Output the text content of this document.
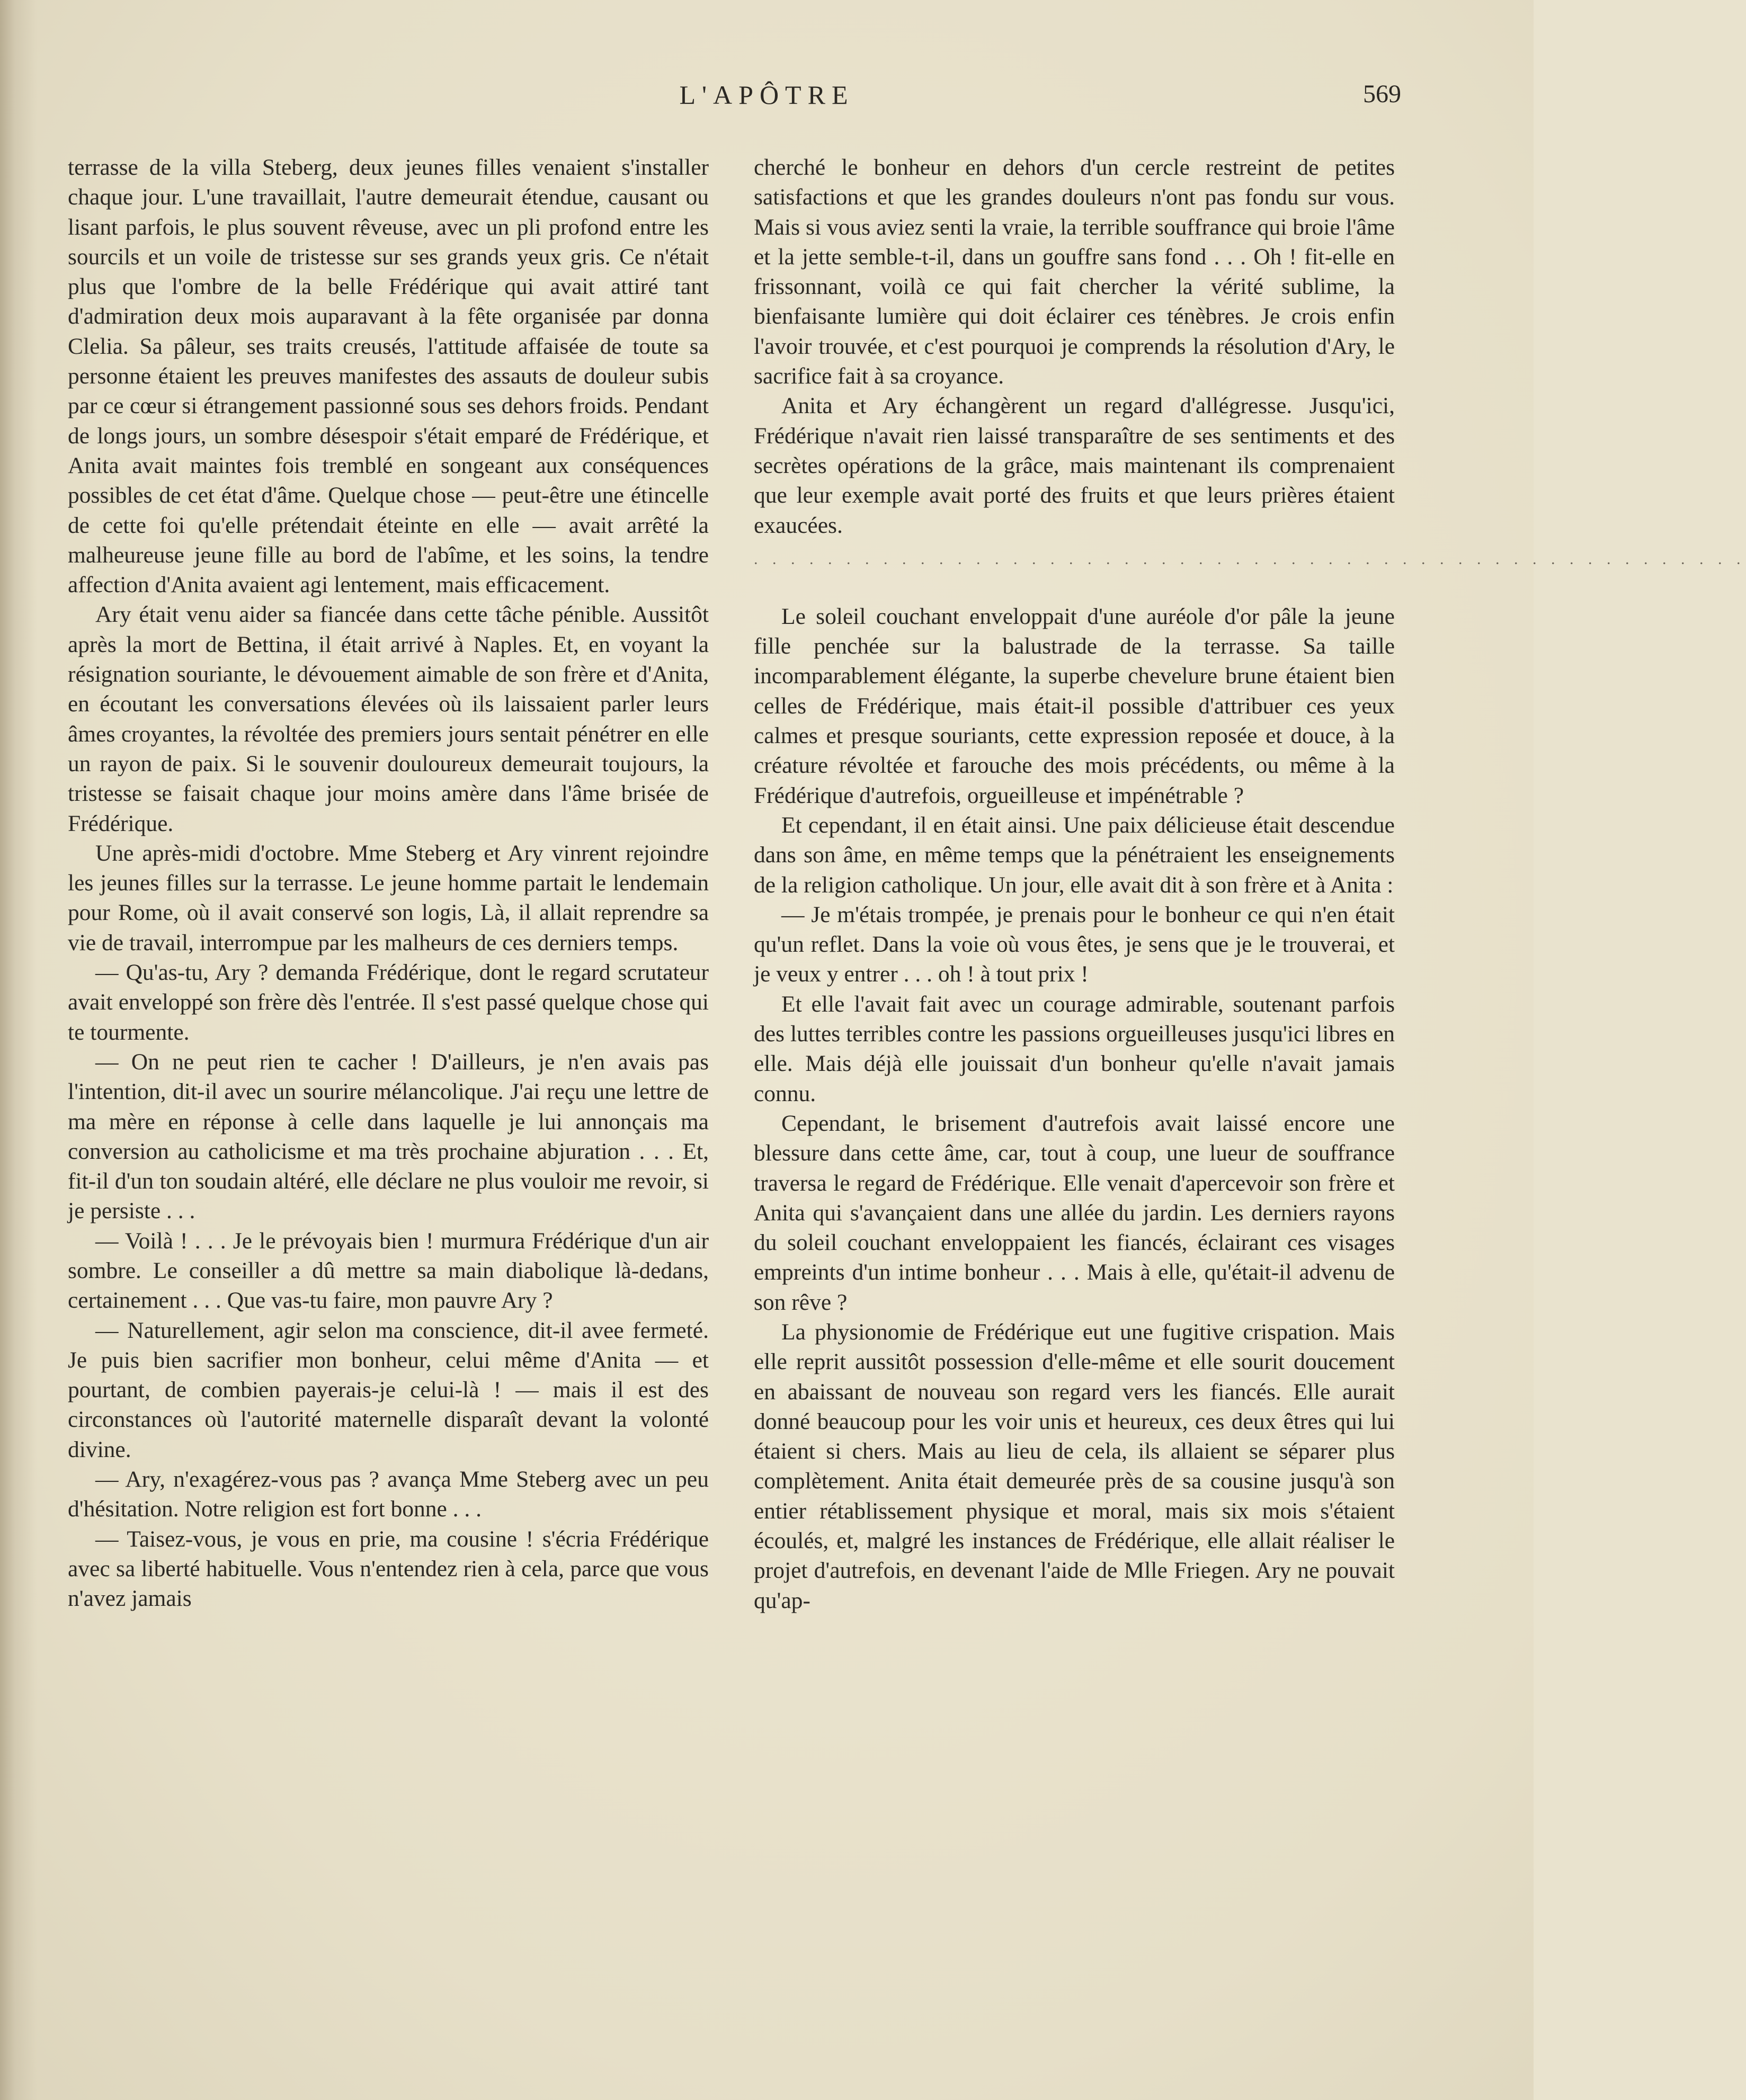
L'APÔTRE	569

terrasse de la villa Steberg, deux jeunes filles venaient s'installer chaque jour. L'une travaillait, l'autre demeurait étendue, causant ou lisant parfois, le plus souvent rêveuse, avec un pli profond entre les sourcils et un voile de tristesse sur ses grands yeux gris. Ce n'était plus que l'ombre de la belle Frédérique qui avait attiré tant d'admiration deux mois auparavant à la fête organisée par donna Clelia. Sa pâleur, ses traits creusés, l'attitude affaisée de toute sa personne étaient les preuves manifestes des assauts de douleur subis par ce cœur si étrangement passionné sous ses dehors froids. Pendant de longs jours, un sombre désespoir s'était emparé de Frédérique, et Anita avait maintes fois tremblé en songeant aux conséquences possibles de cet état d'âme. Quelque chose — peut-être une étincelle de cette foi qu'elle prétendait éteinte en elle — avait arrêté la malheureuse jeune fille au bord de l'abîme, et les soins, la tendre affection d'Anita avaient agi lentement, mais efficacement.

Ary était venu aider sa fiancée dans cette tâche pénible. Aussitôt après la mort de Bettina, il était arrivé à Naples. Et, en voyant la résignation souriante, le dévouement aimable de son frère et d'Anita, en écoutant les conversations élevées où ils laissaient parler leurs âmes croyantes, la révoltée des premiers jours sentait pénétrer en elle un rayon de paix. Si le souvenir douloureux demeurait toujours, la tristesse se faisait chaque jour moins amère dans l'âme brisée de Frédérique.

Une après-midi d'octobre. Mme Steberg et Ary vinrent rejoindre les jeunes filles sur la terrasse. Le jeune homme partait le lendemain pour Rome, où il avait conservé son logis, Là, il allait reprendre sa vie de travail, interrompue par les malheurs de ces derniers temps.

— Qu'as-tu, Ary ? demanda Frédérique, dont le regard scrutateur avait enveloppé son frère dès l'entrée. Il s'est passé quelque chose qui te tourmente.

— On ne peut rien te cacher ! D'ailleurs, je n'en avais pas l'intention, dit-il avec un sourire mélancolique. J'ai reçu une lettre de ma mère en réponse à celle dans laquelle je lui annonçais ma conversion au catholicisme et ma très prochaine abjuration . . . Et, fit-il d'un ton soudain altéré, elle déclare ne plus vouloir me revoir, si je persiste . . .

— Voilà ! . . . Je le prévoyais bien ! murmura Frédérique d'un air sombre. Le conseiller a dû mettre sa main diabolique là-dedans, certainement . . . Que vas-tu faire, mon pauvre Ary ?

— Naturellement, agir selon ma conscience, dit-il avee fermeté. Je puis bien sacrifier mon bonheur, celui même d'Anita — et pourtant, de combien payerais-je celui-là ! — mais il est des circonstances où l'autorité maternelle disparaît devant la volonté divine.

— Ary, n'exagérez-vous pas ? avança Mme Steberg avec un peu d'hésitation. Notre religion est fort bonne . . .

— Taisez-vous, je vous en prie, ma cousine ! s'écria Frédérique avec sa liberté habituelle. Vous n'entendez rien à cela, parce que vous n'avez jamais

cherché le bonheur en dehors d'un cercle restreint de petites satisfactions et que les grandes douleurs n'ont pas fondu sur vous. Mais si vous aviez senti la vraie, la terrible souffrance qui broie l'âme et la jette semble-t-il, dans un gouffre sans fond . . . Oh ! fit-elle en frissonnant, voilà ce qui fait chercher la vérité sublime, la bienfaisante lumière qui doit éclairer ces ténèbres. Je crois enfin l'avoir trouvée, et c'est pourquoi je comprends la résolution d'Ary, le sacrifice fait à sa croyance.

Anita et Ary échangèrent un regard d'allégresse. Jusqu'ici, Frédérique n'avait rien laissé transparaître de ses sentiments et des secrètes opérations de la grâce, mais maintenant ils comprenaient que leur exemple avait porté des fruits et que leurs prières étaient exaucées.

. . . . . . . . . . . . . . . . . . . . . . . . . . . . . . . . . . . . . . . . . . . . . . . . . . . . . .

Le soleil couchant enveloppait d'une auréole d'or pâle la jeune fille penchée sur la balustrade de la terrasse. Sa taille incomparablement élégante, la superbe chevelure brune étaient bien celles de Frédérique, mais était-il possible d'attribuer ces yeux calmes et presque souriants, cette expression reposée et douce, à la créature révoltée et farouche des mois précédents, ou même à la Frédérique d'autrefois, orgueilleuse et impénétrable ?

Et cependant, il en était ainsi. Une paix délicieuse était descendue dans son âme, en même temps que la pénétraient les enseignements de la religion catholique. Un jour, elle avait dit à son frère et à Anita :

— Je m'étais trompée, je prenais pour le bonheur ce qui n'en était qu'un reflet. Dans la voie où vous êtes, je sens que je le trouverai, et je veux y entrer . . . oh ! à tout prix !

Et elle l'avait fait avec un courage admirable, soutenant parfois des luttes terribles contre les passions orgueilleuses jusqu'ici libres en elle. Mais déjà elle jouissait d'un bonheur qu'elle n'avait jamais connu.

Cependant, le brisement d'autrefois avait laissé encore une blessure dans cette âme, car, tout à coup, une lueur de souffrance traversa le regard de Frédérique. Elle venait d'apercevoir son frère et Anita qui s'avançaient dans une allée du jardin. Les derniers rayons du soleil couchant enveloppaient les fiancés, éclairant ces visages empreints d'un intime bonheur . . . Mais à elle, qu'était-il advenu de son rêve ?

La physionomie de Frédérique eut une fugitive crispation. Mais elle reprit aussitôt possession d'elle-même et elle sourit doucement en abaissant de nouveau son regard vers les fiancés. Elle aurait donné beaucoup pour les voir unis et heureux, ces deux êtres qui lui étaient si chers. Mais au lieu de cela, ils allaient se séparer plus complètement. Anita était demeurée près de sa cousine jusqu'à son entier rétablissement physique et moral, mais six mois s'étaient écoulés, et, malgré les instances de Frédérique, elle allait réaliser le projet d'autrefois, en devenant l'aide de Mlle Friegen. Ary ne pouvait qu'ap-
